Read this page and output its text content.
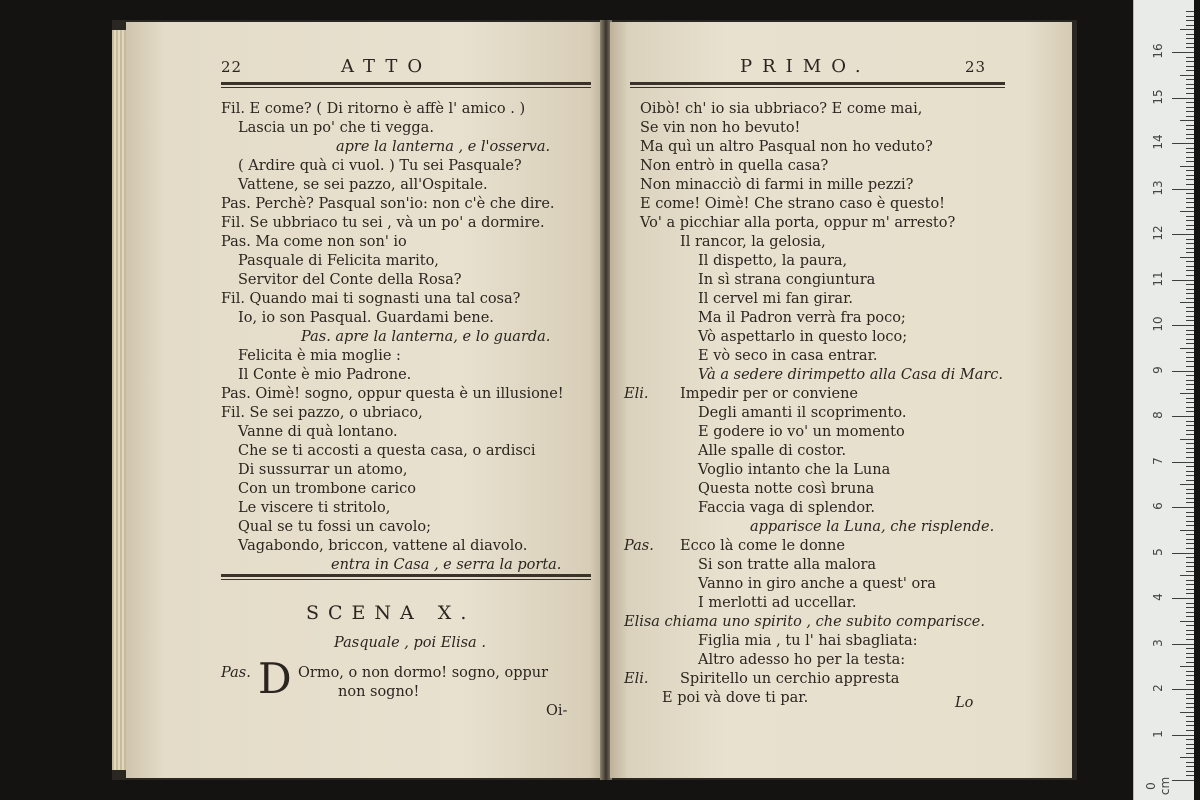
22	ATTO
Fil. E come? ( Di ritorno è affè l' amico . )
Lascia un po' che ti vegga.
apre la lanterna , e l'osserva.
( Ardire quà ci vuol. ) Tu sei Pasquale?
Vattene, se sei pazzo, all'Ospitale.
Pas. Perchè? Pasqual son'io: non c'è che dire.
Fil. Se ubbriaco tu sei , và un po' a dormire.
Pas. Ma come non son' io
Pasquale di Felicita marito,
Servitor del Conte della Rosa?
Fil. Quando mai ti sognasti una tal cosa?
Io, io son Pasqual. Guardami bene.
Pas. apre la lanterna, e lo guarda.
Felicita è mia moglie :
Il Conte è mio Padrone.
Pas. Oimè! sogno, oppur questa è un illusione!
Fil. Se sei pazzo, o ubriaco,
Vanne di quà lontano.
Che se ti accosti a questa casa, o ardisci
Di sussurrar un atomo,
Con un trombone carico
Le viscere ti stritolo,
Qual se tu fossi un cavolo;
Vagabondo, briccon, vattene al diavolo.
entra in Casa , e serra la porta.
SCENA X.
Pasquale , poi Elisa .
Pas. D Ormo, o non dormo! sogno, oppur
non sogno!
Oi-
PRIMO.	23
Oibò! ch' io sia ubbriaco? E come mai,
Se vin non ho bevuto!
Ma quì un altro Pasqual non ho veduto?
Non entrò in quella casa?
Non minacciò di farmi in mille pezzi?
E come! Oimè! Che strano caso è questo!
Vo' a picchiar alla porta, oppur m' arresto?
Il rancor, la gelosia,
Il dispetto, la paura,
In sì strana congiuntura
Il cervel mi fan girar.
Ma il Padron verrà fra poco;
Vò aspettarlo in questo loco;
E vò seco in casa entrar.
Và a sedere dirimpetto alla Casa di Marc.
Eli. Impedir per or conviene
Degli amanti il scoprimento.
E godere io vo' un momento
Alle spalle di costor.
Voglio intanto che la Luna
Questa notte così bruna
Faccia vaga di splendor.
apparisce la Luna, che risplende.
Pas. Ecco là come le donne
Si son tratte alla malora
Vanno in giro anche a quest' ora
I merlotti ad uccellar.
Elisa chiama uno spirito , che subito comparisce.
Figlia mia , tu l' hai sbagliata:
Altro adesso ho per la testa:
Eli. Spiritello un cerchio appresta
E poi và dove ti par.	Lo
16
15
14
13
12
11
10
9
8
7
6
5
4
3
2
1
0 cm
